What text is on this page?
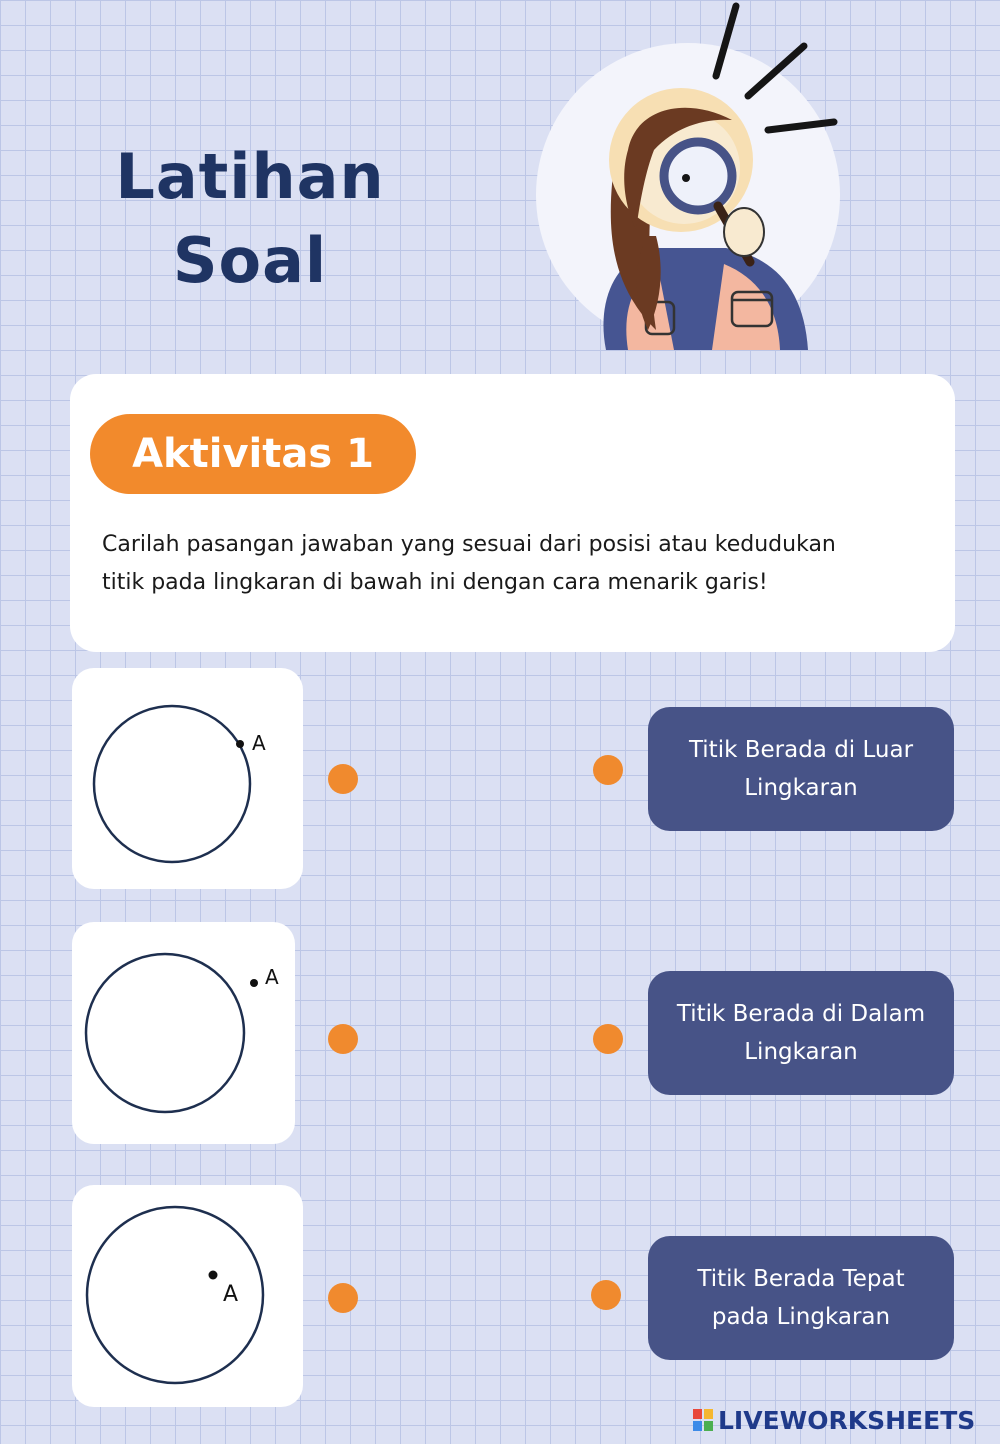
Latihan
Soal
Aktivitas 1
Carilah pasangan jawaban yang sesuai dari posisi atau kedudukan
titik pada lingkaran di bawah ini dengan cara menarik garis!
A
A
A
Titik Berada di Luar
Lingkaran
Titik Berada di Dalam
Lingkaran
Titik Berada Tepat
pada Lingkaran
LIVEWORKSHEETS
